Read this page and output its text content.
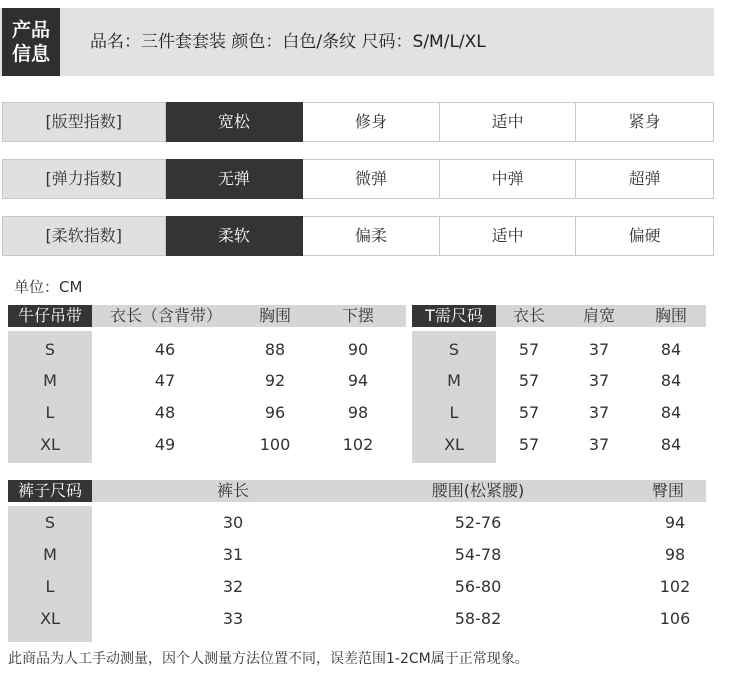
产品
信息
品名：三件套套装 颜色：白色/条纹 尺码：S/M/L/XL
[版型指数]	宽松	修身	适中	紧身
[弹力指数]	无弹	微弹	中弹	超弹
[柔软指数]	柔软	偏柔	适中	偏硬
单位：CM
牛仔吊带	衣长（含背带）	胸围	下摆
S	46	88	90
M	47	92	94
L	48	96	98
XL	49	100	102
T需尺码	衣长	肩宽	胸围
S	57	37	84
M	57	37	84
L	57	37	84
XL	57	37	84
裤子尺码	裤长	腰围(松紧腰)	臀围
S	30	52-76	94
M	31	54-78	98
L	32	56-80	102
XL	33	58-82	106
此商品为人工手动测量，因个人测量方法位置不同，误差范围1-2CM属于正常现象。
